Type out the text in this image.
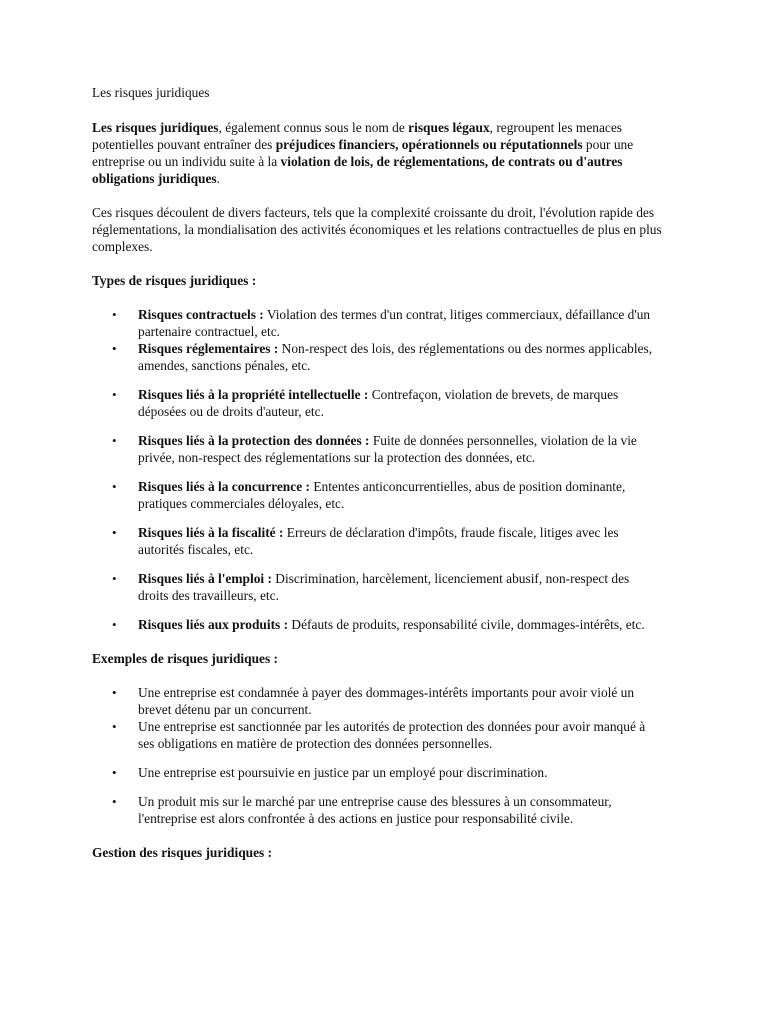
Les risques juridiques

Les risques juridiques, également connus sous le nom de risques légaux, regroupent les menaces potentielles pouvant entraîner des préjudices financiers, opérationnels ou réputationnels pour une entreprise ou un individu suite à la violation de lois, de réglementations, de contrats ou d'autres obligations juridiques.

Ces risques découlent de divers facteurs, tels que la complexité croissante du droit, l'évolution rapide des réglementations, la mondialisation des activités économiques et les relations contractuelles de plus en plus complexes.

Types de risques juridiques :

• Risques contractuels : Violation des termes d'un contrat, litiges commerciaux, défaillance d'un partenaire contractuel, etc.
• Risques réglementaires : Non-respect des lois, des réglementations ou des normes applicables, amendes, sanctions pénales, etc.
• Risques liés à la propriété intellectuelle : Contrefaçon, violation de brevets, de marques déposées ou de droits d'auteur, etc.
• Risques liés à la protection des données : Fuite de données personnelles, violation de la vie privée, non-respect des réglementations sur la protection des données, etc.
• Risques liés à la concurrence : Ententes anticoncurrentielles, abus de position dominante, pratiques commerciales déloyales, etc.
• Risques liés à la fiscalité : Erreurs de déclaration d'impôts, fraude fiscale, litiges avec les autorités fiscales, etc.
• Risques liés à l'emploi : Discrimination, harcèlement, licenciement abusif, non-respect des droits des travailleurs, etc.
• Risques liés aux produits : Défauts de produits, responsabilité civile, dommages-intérêts, etc.

Exemples de risques juridiques :

• Une entreprise est condamnée à payer des dommages-intérêts importants pour avoir violé un brevet détenu par un concurrent.
• Une entreprise est sanctionnée par les autorités de protection des données pour avoir manqué à ses obligations en matière de protection des données personnelles.
• Une entreprise est poursuivie en justice par un employé pour discrimination.
• Un produit mis sur le marché par une entreprise cause des blessures à un consommateur, l'entreprise est alors confrontée à des actions en justice pour responsabilité civile.

Gestion des risques juridiques :
